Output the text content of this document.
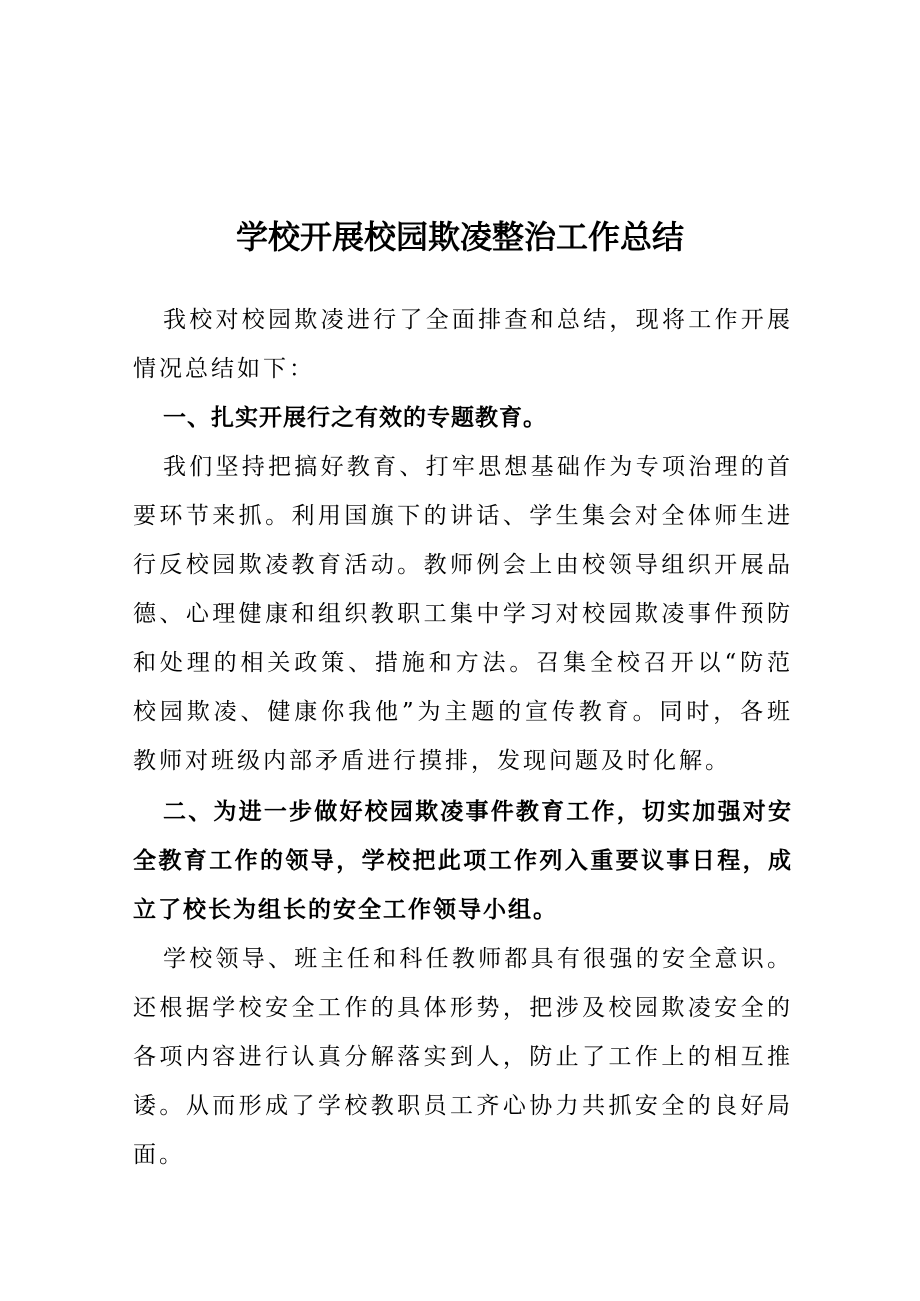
学校开展校园欺凌整治工作总结

我校对校园欺凌进行了全面排查和总结，现将工作开展情况总结如下：

一、扎实开展行之有效的专题教育。

我们坚持把搞好教育、打牢思想基础作为专项治理的首要环节来抓。利用国旗下的讲话、学生集会对全体师生进行反校园欺凌教育活动。教师例会上由校领导组织开展品德、心理健康和组织教职工集中学习对校园欺凌事件预防和处理的相关政策、措施和方法。召集全校召开以“防范校园欺凌、健康你我他”为主题的宣传教育。同时，各班教师对班级内部矛盾进行摸排，发现问题及时化解。

二、为进一步做好校园欺凌事件教育工作，切实加强对安全教育工作的领导，学校把此项工作列入重要议事日程，成立了校长为组长的安全工作领导小组。

学校领导、班主任和科任教师都具有很强的安全意识。还根据学校安全工作的具体形势，把涉及校园欺凌安全的各项内容进行认真分解落实到人，防止了工作上的相互推诿。从而形成了学校教职员工齐心协力共抓安全的良好局面。
